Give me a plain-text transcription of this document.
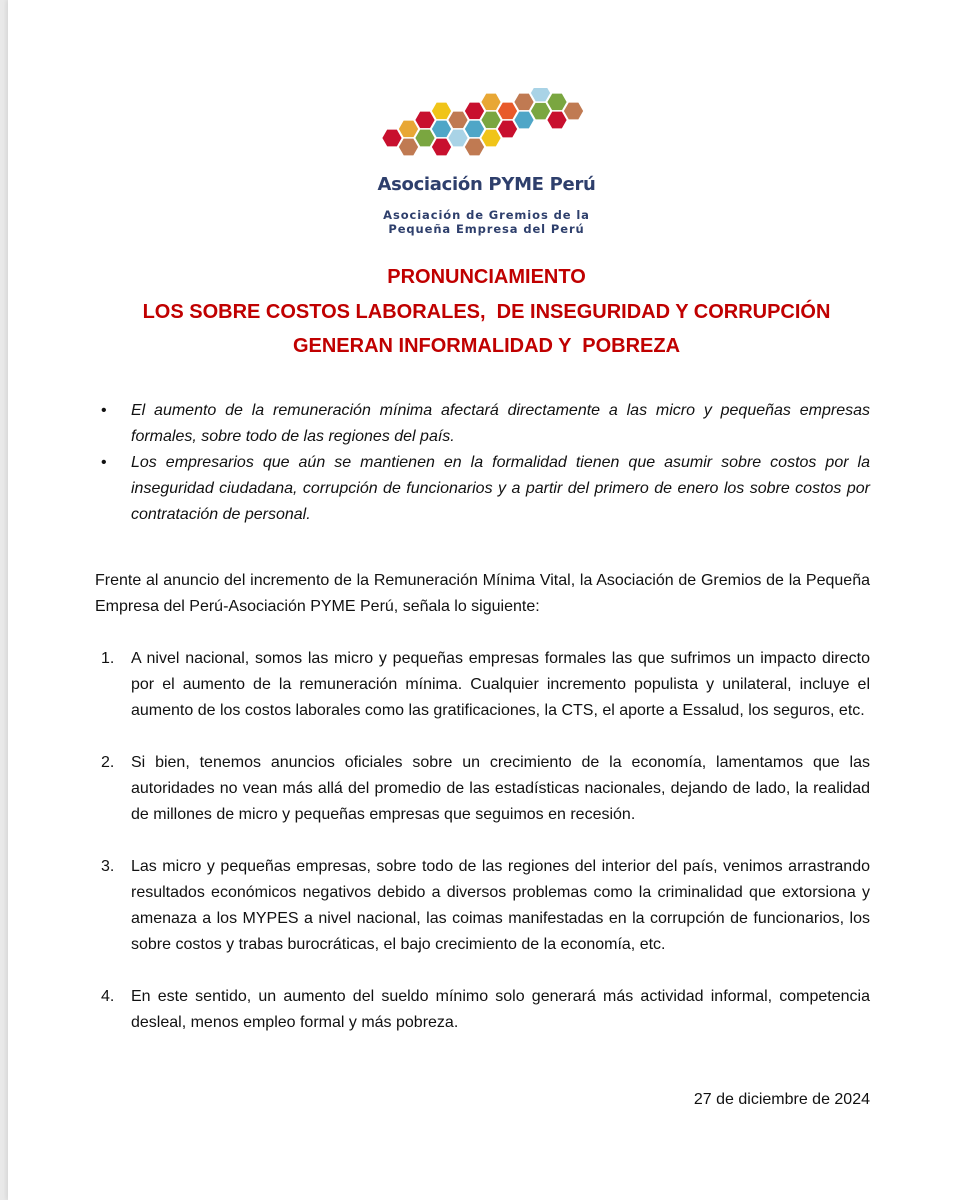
Asociación PYME Perú
Asociación de Gremios de la
Pequeña Empresa del Perú
PRONUNCIAMIENTO
LOS SOBRE COSTOS LABORALES,  DE INSEGURIDAD Y CORRUPCIÓN
GENERAN INFORMALIDAD Y  POBREZA
• El aumento de la remuneración mínima afectará directamente a las micro y pequeñas empresas formales, sobre todo de las regiones del país.
• Los empresarios que aún se mantienen en la formalidad tienen que asumir sobre costos por la inseguridad ciudadana, corrupción de funcionarios y a partir del primero de enero los sobre costos por contratación de personal.

Frente al anuncio del incremento de la Remuneración Mínima Vital, la Asociación de Gremios de la Pequeña Empresa del Perú-Asociación PYME Perú, señala lo siguiente:

1. A nivel nacional, somos las micro y pequeñas empresas formales las que sufrimos un impacto directo por el aumento de la remuneración mínima. Cualquier incremento populista y unilateral, incluye el aumento de los costos laborales como las gratificaciones, la CTS, el aporte a Essalud, los seguros, etc.
2. Si bien, tenemos anuncios oficiales sobre un crecimiento de la economía, lamentamos que las autoridades no vean más allá del promedio de las estadísticas nacionales, dejando de lado, la realidad de millones de micro y pequeñas empresas que seguimos en recesión.
3. Las micro y pequeñas empresas, sobre todo de las regiones del interior del país, venimos arrastrando resultados económicos negativos debido a diversos problemas como la criminalidad que extorsiona y amenaza a los MYPES a nivel nacional, las coimas manifestadas en la corrupción de funcionarios, los sobre costos y trabas burocráticas, el bajo crecimiento de la economía, etc.
4. En este sentido, un aumento del sueldo mínimo solo generará más actividad informal, competencia desleal, menos empleo formal y más pobreza.
27 de diciembre de 2024
